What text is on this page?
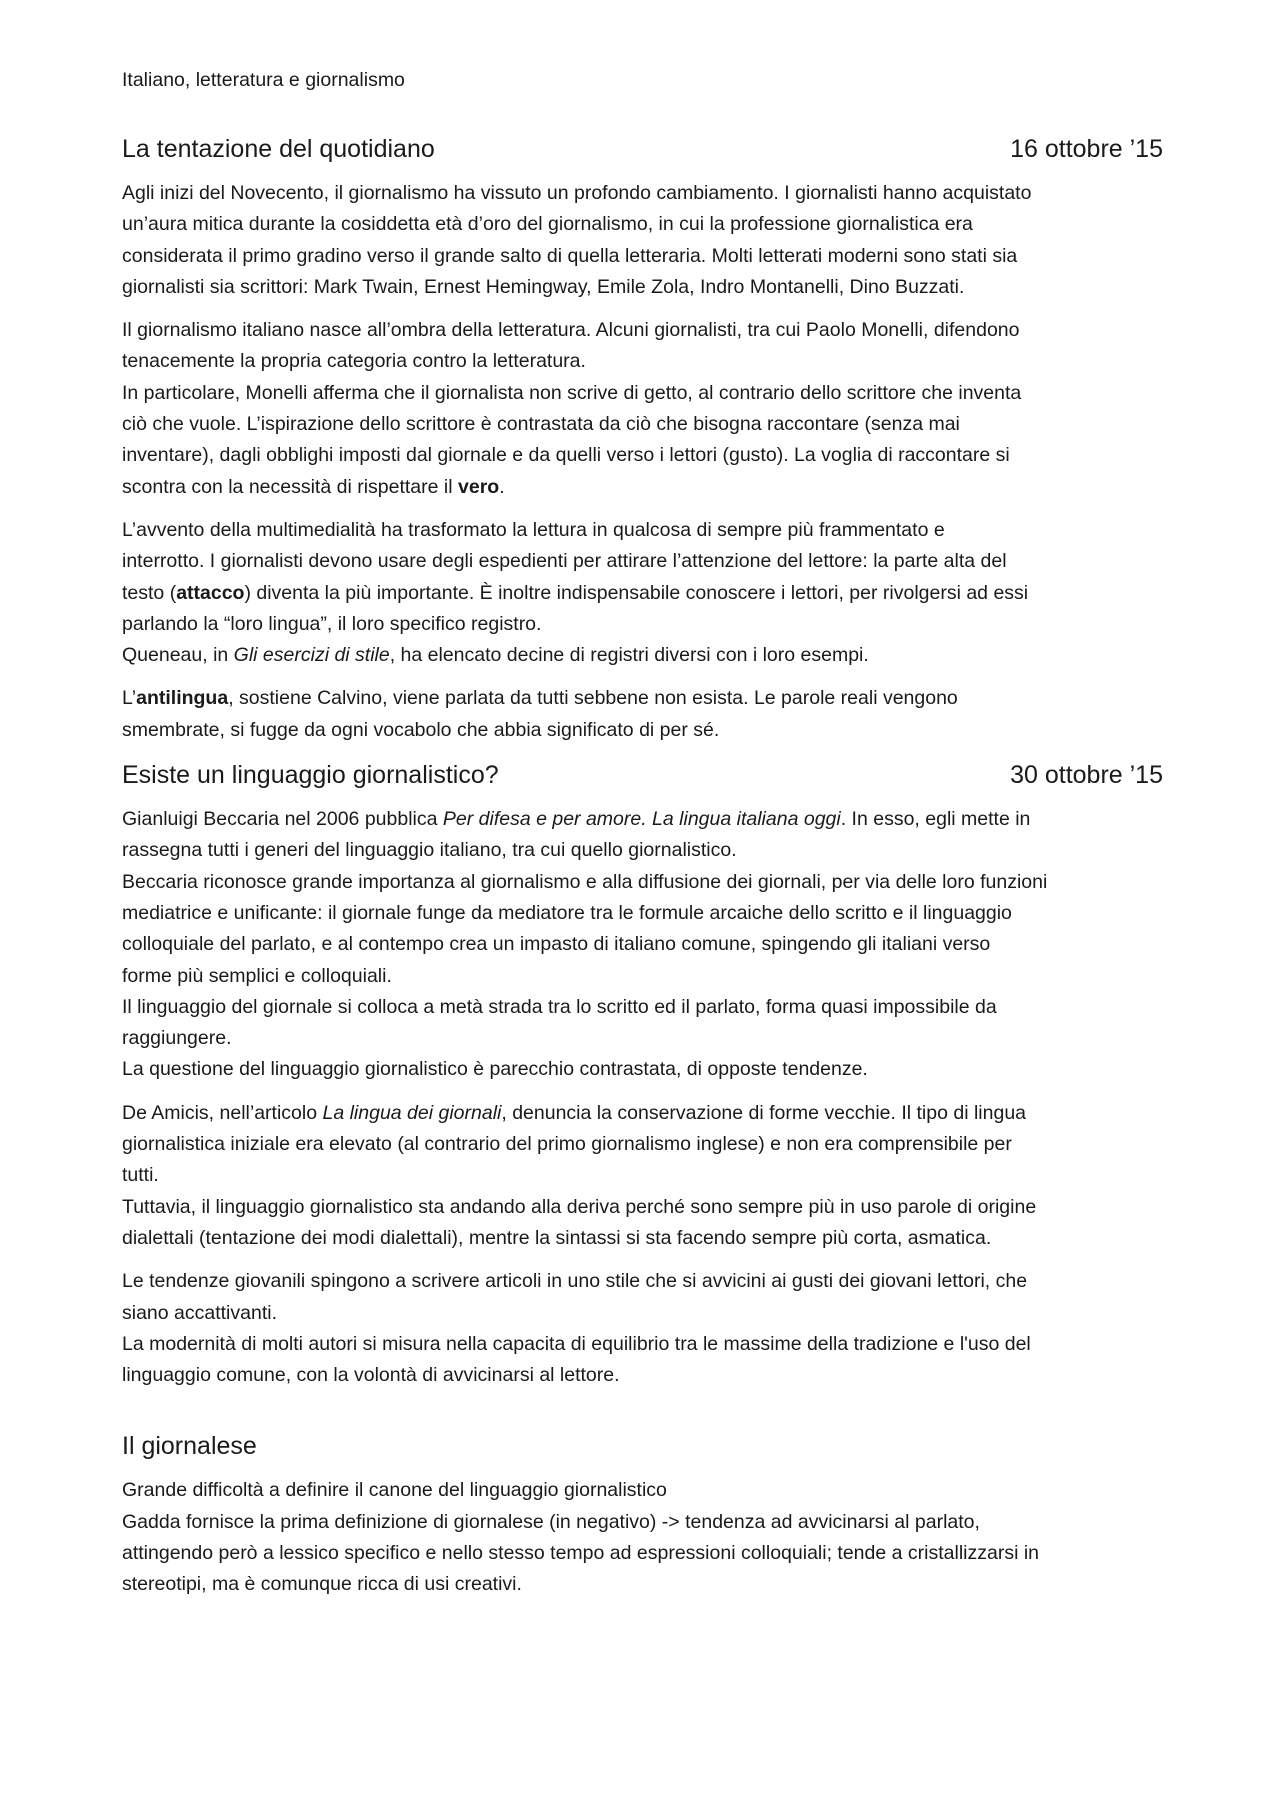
Italiano, letteratura e giornalismo
La tentazione del quotidiano	16 ottobre ’15
Agli inizi del Novecento, il giornalismo ha vissuto un profondo cambiamento. I giornalisti hanno acquistato
un’aura mitica durante la cosiddetta età d’oro del giornalismo, in cui la professione giornalistica era
considerata il primo gradino verso il grande salto di quella letteraria. Molti letterati moderni sono stati sia
giornalisti sia scrittori: Mark Twain, Ernest Hemingway, Emile Zola, Indro Montanelli, Dino Buzzati.
Il giornalismo italiano nasce all’ombra della letteratura. Alcuni giornalisti, tra cui Paolo Monelli, difendono
tenacemente la propria categoria contro la letteratura.
In particolare, Monelli afferma che il giornalista non scrive di getto, al contrario dello scrittore che inventa
ciò che vuole. L’ispirazione dello scrittore è contrastata da ciò che bisogna raccontare (senza mai
inventare), dagli obblighi imposti dal giornale e da quelli verso i lettori (gusto). La voglia di raccontare si
scontra con la necessità di rispettare il vero.
L’avvento della multimedialità ha trasformato la lettura in qualcosa di sempre più frammentato e
interrotto. I giornalisti devono usare degli espedienti per attirare l’attenzione del lettore: la parte alta del
testo (attacco) diventa la più importante. È inoltre indispensabile conoscere i lettori, per rivolgersi ad essi
parlando la “loro lingua”, il loro specifico registro.
Queneau, in Gli esercizi di stile, ha elencato decine di registri diversi con i loro esempi.
L’antilingua, sostiene Calvino, viene parlata da tutti sebbene non esista. Le parole reali vengono
smembrate, si fugge da ogni vocabolo che abbia significato di per sé.
Esiste un linguaggio giornalistico?	30 ottobre ’15
Gianluigi Beccaria nel 2006 pubblica Per difesa e per amore. La lingua italiana oggi. In esso, egli mette in
rassegna tutti i generi del linguaggio italiano, tra cui quello giornalistico.
Beccaria riconosce grande importanza al giornalismo e alla diffusione dei giornali, per via delle loro funzioni
mediatrice e unificante: il giornale funge da mediatore tra le formule arcaiche dello scritto e il linguaggio
colloquiale del parlato, e al contempo crea un impasto di italiano comune, spingendo gli italiani verso
forme più semplici e colloquiali.
Il linguaggio del giornale si colloca a metà strada tra lo scritto ed il parlato, forma quasi impossibile da
raggiungere.
La questione del linguaggio giornalistico è parecchio contrastata, di opposte tendenze.
De Amicis, nell’articolo La lingua dei giornali, denuncia la conservazione di forme vecchie. Il tipo di lingua
giornalistica iniziale era elevato (al contrario del primo giornalismo inglese) e non era comprensibile per
tutti.
Tuttavia, il linguaggio giornalistico sta andando alla deriva perché sono sempre più in uso parole di origine
dialettali (tentazione dei modi dialettali), mentre la sintassi si sta facendo sempre più corta, asmatica.
Le tendenze giovanili spingono a scrivere articoli in uno stile che si avvicini ai gusti dei giovani lettori, che
siano accattivanti.
La modernità di molti autori si misura nella capacita di equilibrio tra le massime della tradizione e l'uso del
linguaggio comune, con la volontà di avvicinarsi al lettore.
Il giornalese
Grande difficoltà a definire il canone del linguaggio giornalistico
Gadda fornisce la prima definizione di giornalese (in negativo) -> tendenza ad avvicinarsi al parlato,
attingendo però a lessico specifico e nello stesso tempo ad espressioni colloquiali; tende a cristallizzarsi in
stereotipi, ma è comunque ricca di usi creativi.
